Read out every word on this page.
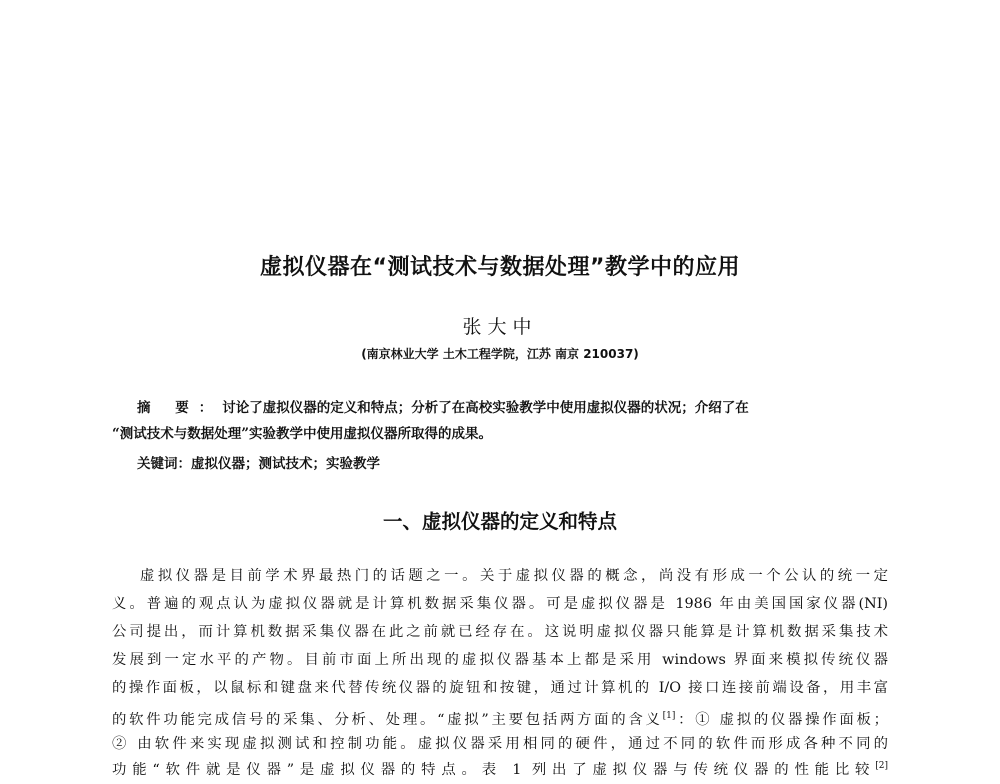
虚拟仪器在“测试技术与数据处理”教学中的应用
张大中
(南京林业大学 土木工程学院，江苏 南京 210037)
摘 要：讨论了虚拟仪器的定义和特点；分析了在高校实验教学中使用虚拟仪器的状况；介绍了在
“测试技术与数据处理”实验教学中使用虚拟仪器所取得的成果。
关键词：虚拟仪器；测试技术；实验教学
一、虚拟仪器的定义和特点

虚拟仪器是目前学术界最热门的话题之一。关于虚拟仪器的概念，尚没有形成一个公认的统一定

义。普遍的观点认为虚拟仪器就是计算机数据采集仪器。可是虚拟仪器是 1986 年由美国国家仪器(NI)

公司提出，而计算机数据采集仪器在此之前就已经存在。这说明虚拟仪器只能算是计算机数据采集技术

发展到一定水平的产物。目前市面上所出现的虚拟仪器基本上都是采用 windows 界面来模拟传统仪器

的操作面板，以鼠标和键盘来代替传统仪器的旋钮和按键，通过计算机的 I/O 接口连接前端设备，用丰富

的软件功能完成信号的采集、分析、处理。“虚拟”主要包括两方面的含义[1]：① 虚拟的仪器操作面板；

② 由软件来实现虚拟测试和控制功能。虚拟仪器采用相同的硬件，通过不同的软件而形成各种不同的

功能“软件就是仪器”是虚拟仪器的特点。表 1 列出了虚拟仪器与传统仪器的性能比较[2]
